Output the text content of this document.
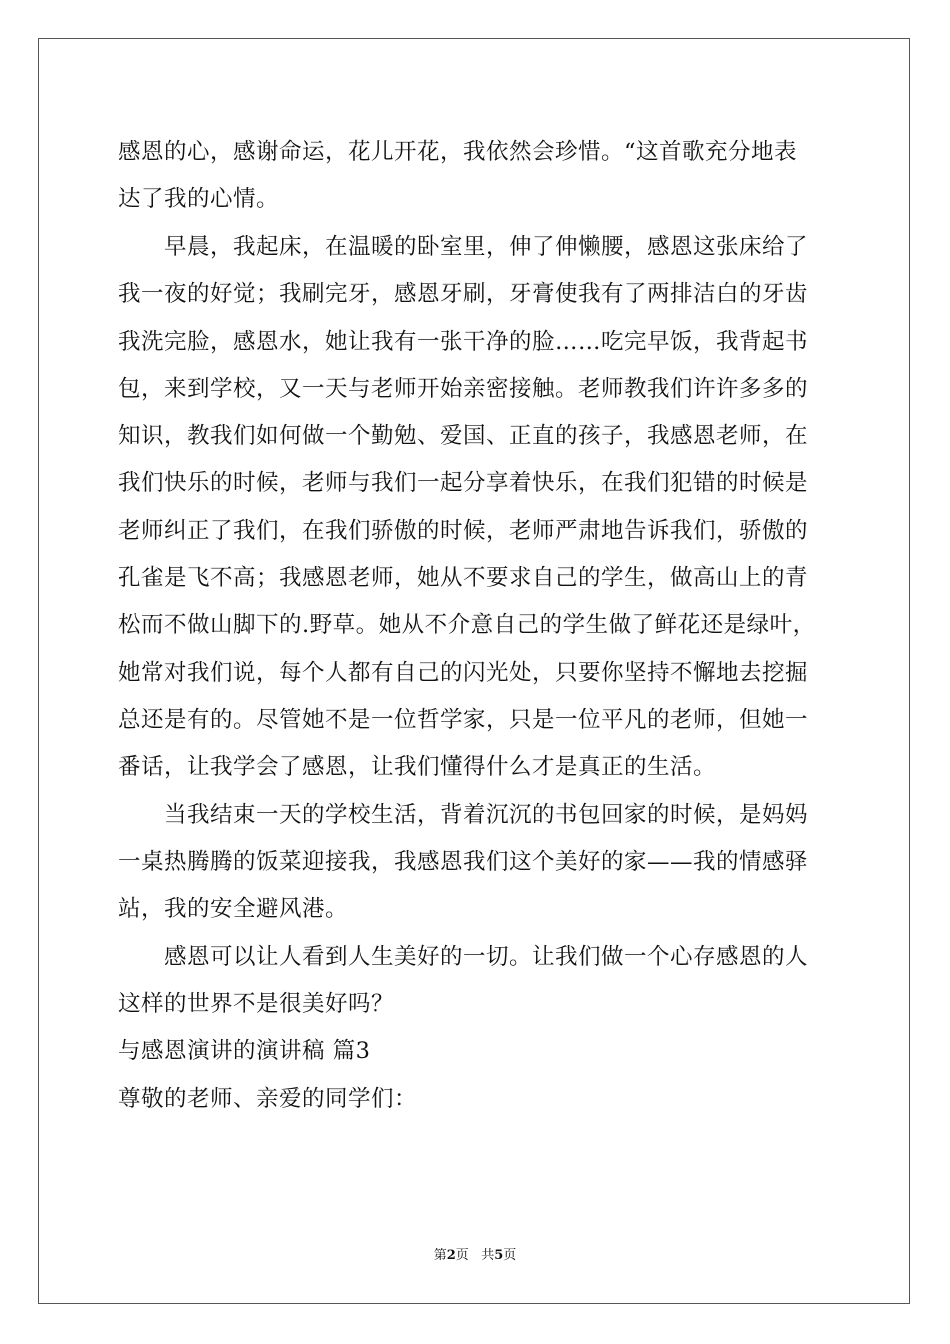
感恩的心，感谢命运，花儿开花，我依然会珍惜。“这首歌充分地表
达了我的心情。
早晨，我起床，在温暖的卧室里，伸了伸懒腰，感恩这张床给了
我一夜的好觉；我刷完牙，感恩牙刷，牙膏使我有了两排洁白的牙齿
我洗完脸，感恩水，她让我有一张干净的脸……吃完早饭，我背起书
包，来到学校，又一天与老师开始亲密接触。老师教我们许许多多的
知识，教我们如何做一个勤勉、爱国、正直的孩子，我感恩老师，在
我们快乐的时候，老师与我们一起分享着快乐，在我们犯错的时候是
老师纠正了我们，在我们骄傲的时候，老师严肃地告诉我们，骄傲的
孔雀是飞不高；我感恩老师，她从不要求自己的学生，做高山上的青
松而不做山脚下的.野草。她从不介意自己的学生做了鲜花还是绿叶，
她常对我们说，每个人都有自己的闪光处，只要你坚持不懈地去挖掘
总还是有的。尽管她不是一位哲学家，只是一位平凡的老师，但她一
番话，让我学会了感恩，让我们懂得什么才是真正的生活。
当我结束一天的学校生活，背着沉沉的书包回家的时候，是妈妈
一桌热腾腾的饭菜迎接我，我感恩我们这个美好的家——我的情感驿
站，我的安全避风港。
感恩可以让人看到人生美好的一切。让我们做一个心存感恩的人
这样的世界不是很美好吗？
与感恩演讲的演讲稿 篇3
尊敬的老师、亲爱的同学们：
第2页 共5页
